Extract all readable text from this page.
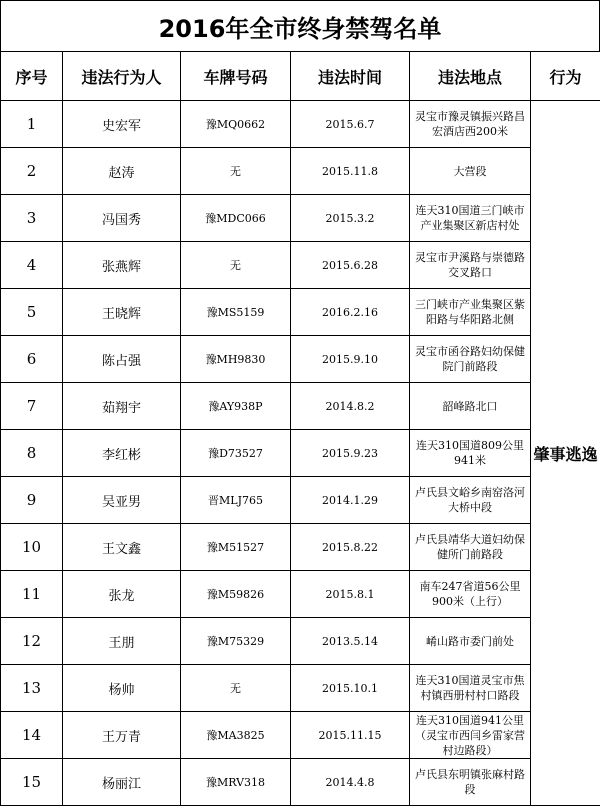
2016年全市终身禁驾名单
序号	违法行为人	车牌号码	违法时间	违法地点	行为
1	史宏军	豫MQ0662	2015.6.7	灵宝市豫灵镇振兴路昌宏酒店西200米	肇事逃逸
2	赵涛	无	2015.11.8	大营段	
3	冯国秀	豫MDC066	2015.3.2	连天310国道三门峡市产业集聚区新店村处	
4	张燕辉	无	2015.6.28	灵宝市尹溪路与崇德路交叉路口	
5	王晓辉	豫MS5159	2016.2.16	三门峡市产业集聚区紫阳路与华阳路北侧	
6	陈占强	豫MH9830	2015.9.10	灵宝市函谷路妇幼保健院门前路段	
7	茹翔宇	豫AY938P	2014.8.2	韶峰路北口	
8	李红彬	豫D73527	2015.9.23	连天310国道809公里941米	
9	吴亚男	晋MLJ765	2014.1.29	卢氏县文峪乡南窑洛河大桥中段	
10	王文鑫	豫M51527	2015.8.22	卢氏县靖华大道妇幼保健所门前路段	
11	张龙	豫M59826	2015.8.1	南车247省道56公里900米（上行）	
12	王朋	豫M75329	2013.5.14	崤山路市委门前处	
13	杨帅	无	2015.10.1	连天310国道灵宝市焦村镇西册村村口路段	
14	王万青	豫MA3825	2015.11.15	连天310国道941公里（灵宝市西闫乡雷家营村边路段）	
15	杨丽江	豫MRV318	2014.4.8	卢氏县东明镇张麻村路段	
